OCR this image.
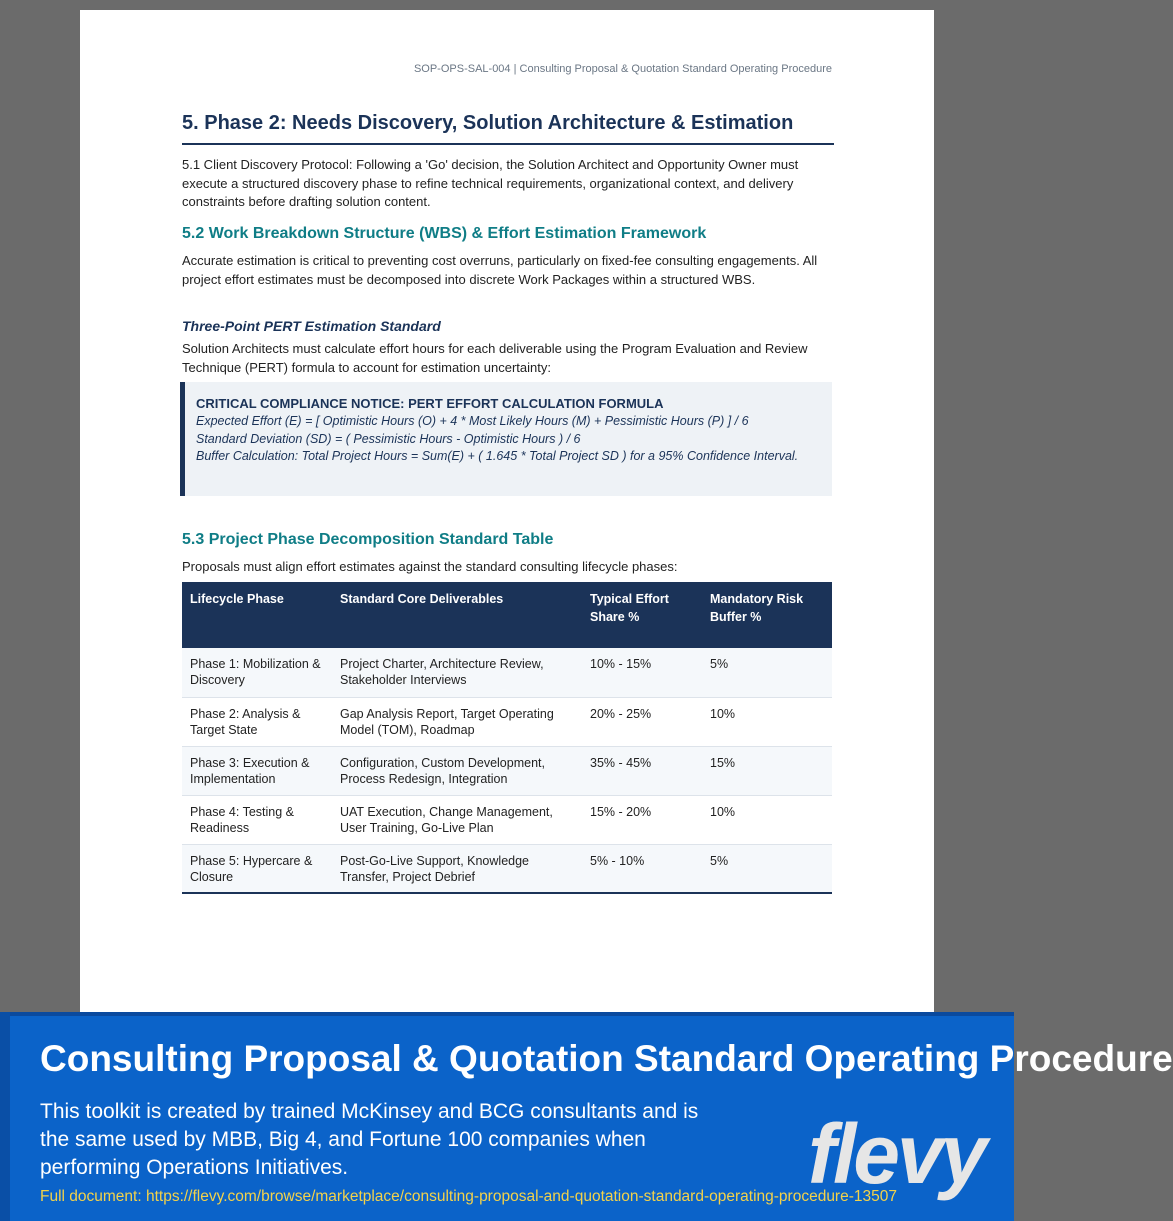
SOP-OPS-SAL-004 | Consulting Proposal & Quotation Standard Operating Procedure
5. Phase 2: Needs Discovery, Solution Architecture & Estimation
5.1 Client Discovery Protocol: Following a 'Go' decision, the Solution Architect and Opportunity Owner must execute a structured discovery phase to refine technical requirements, organizational context, and delivery constraints before drafting solution content.
5.2 Work Breakdown Structure (WBS) & Effort Estimation Framework
Accurate estimation is critical to preventing cost overruns, particularly on fixed-fee consulting engagements. All project effort estimates must be decomposed into discrete Work Packages within a structured WBS.
Three-Point PERT Estimation Standard
Solution Architects must calculate effort hours for each deliverable using the Program Evaluation and Review Technique (PERT) formula to account for estimation uncertainty:
CRITICAL COMPLIANCE NOTICE: PERT EFFORT CALCULATION FORMULA
Expected Effort (E) = [ Optimistic Hours (O) + 4 * Most Likely Hours (M) + Pessimistic Hours (P) ] / 6
Standard Deviation (SD) = ( Pessimistic Hours - Optimistic Hours ) / 6
Buffer Calculation: Total Project Hours = Sum(E) + ( 1.645 * Total Project SD ) for a 95% Confidence Interval.
5.3 Project Phase Decomposition Standard Table
Proposals must align effort estimates against the standard consulting lifecycle phases:
Lifecycle Phase	Standard Core Deliverables	Typical Effort Share %	Mandatory Risk Buffer %
Phase 1: Mobilization & Discovery	Project Charter, Architecture Review, Stakeholder Interviews	10% - 15%	5%
Phase 2: Analysis & Target State	Gap Analysis Report, Target Operating Model (TOM), Roadmap	20% - 25%	10%
Phase 3: Execution & Implementation	Configuration, Custom Development, Process Redesign, Integration	35% - 45%	15%
Phase 4: Testing & Readiness	UAT Execution, Change Management, User Training, Go-Live Plan	15% - 20%	10%
Phase 5: Hypercare & Closure	Post-Go-Live Support, Knowledge Transfer, Project Debrief	5% - 10%	5%
Consulting Proposal & Quotation Standard Operating Procedure
This toolkit is created by trained McKinsey and BCG consultants and is the same used by MBB, Big 4, and Fortune 100 companies when performing Operations Initiatives.	flevy
Full document: https://flevy.com/browse/marketplace/consulting-proposal-and-quotation-standard-operating-procedure-13507
